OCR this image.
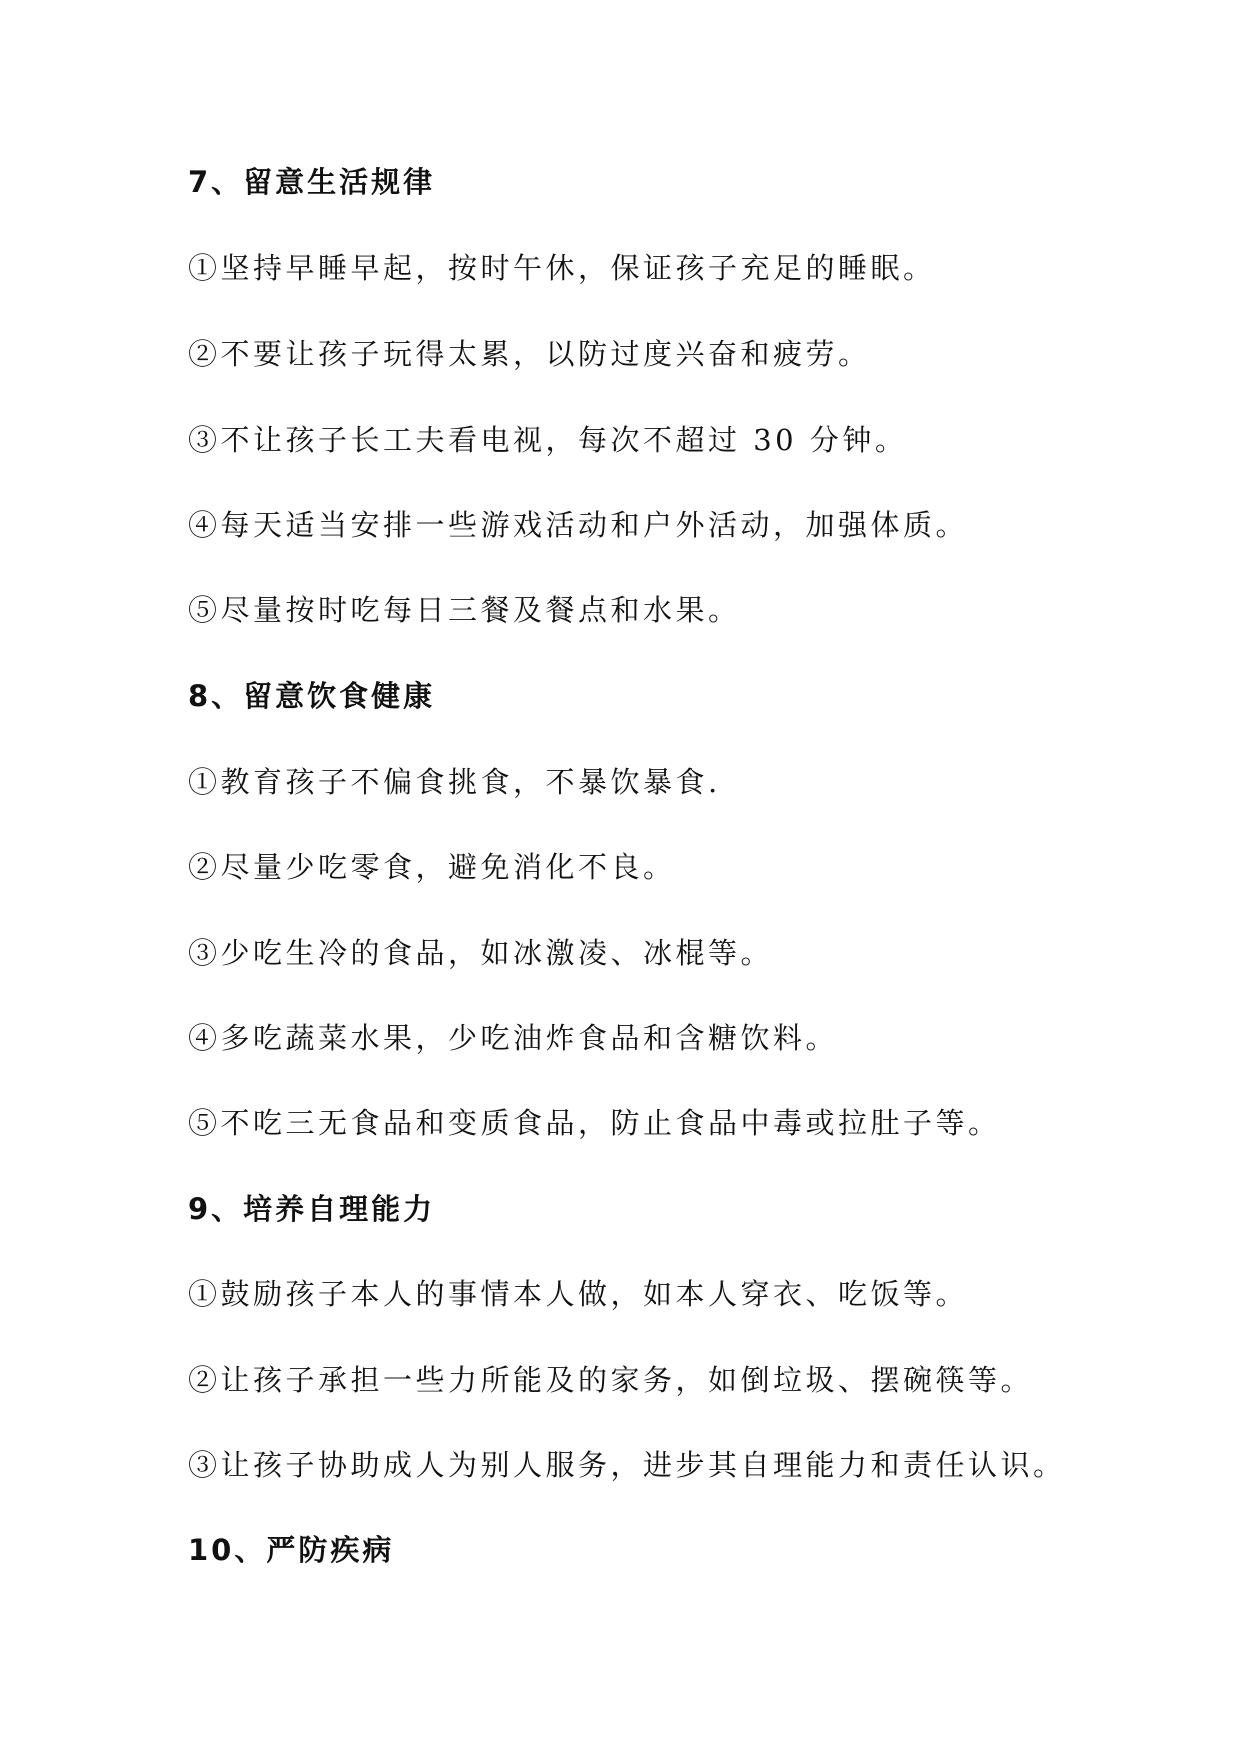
7、留意生活规律
①坚持早睡早起，按时午休，保证孩子充足的睡眠。
②不要让孩子玩得太累，以防过度兴奋和疲劳。
③不让孩子长工夫看电视，每次不超过 30 分钟。
④每天适当安排一些游戏活动和户外活动，加强体质。
⑤尽量按时吃每日三餐及餐点和水果。
8、留意饮食健康
①教育孩子不偏食挑食，不暴饮暴食.
②尽量少吃零食，避免消化不良。
③少吃生冷的食品，如冰激凌、冰棍等。
④多吃蔬菜水果，少吃油炸食品和含糖饮料。
⑤不吃三无食品和变质食品，防止食品中毒或拉肚子等。
9、培养自理能力
①鼓励孩子本人的事情本人做，如本人穿衣、吃饭等。
②让孩子承担一些力所能及的家务，如倒垃圾、摆碗筷等。
③让孩子协助成人为别人服务，进步其自理能力和责任认识。
10、严防疾病
